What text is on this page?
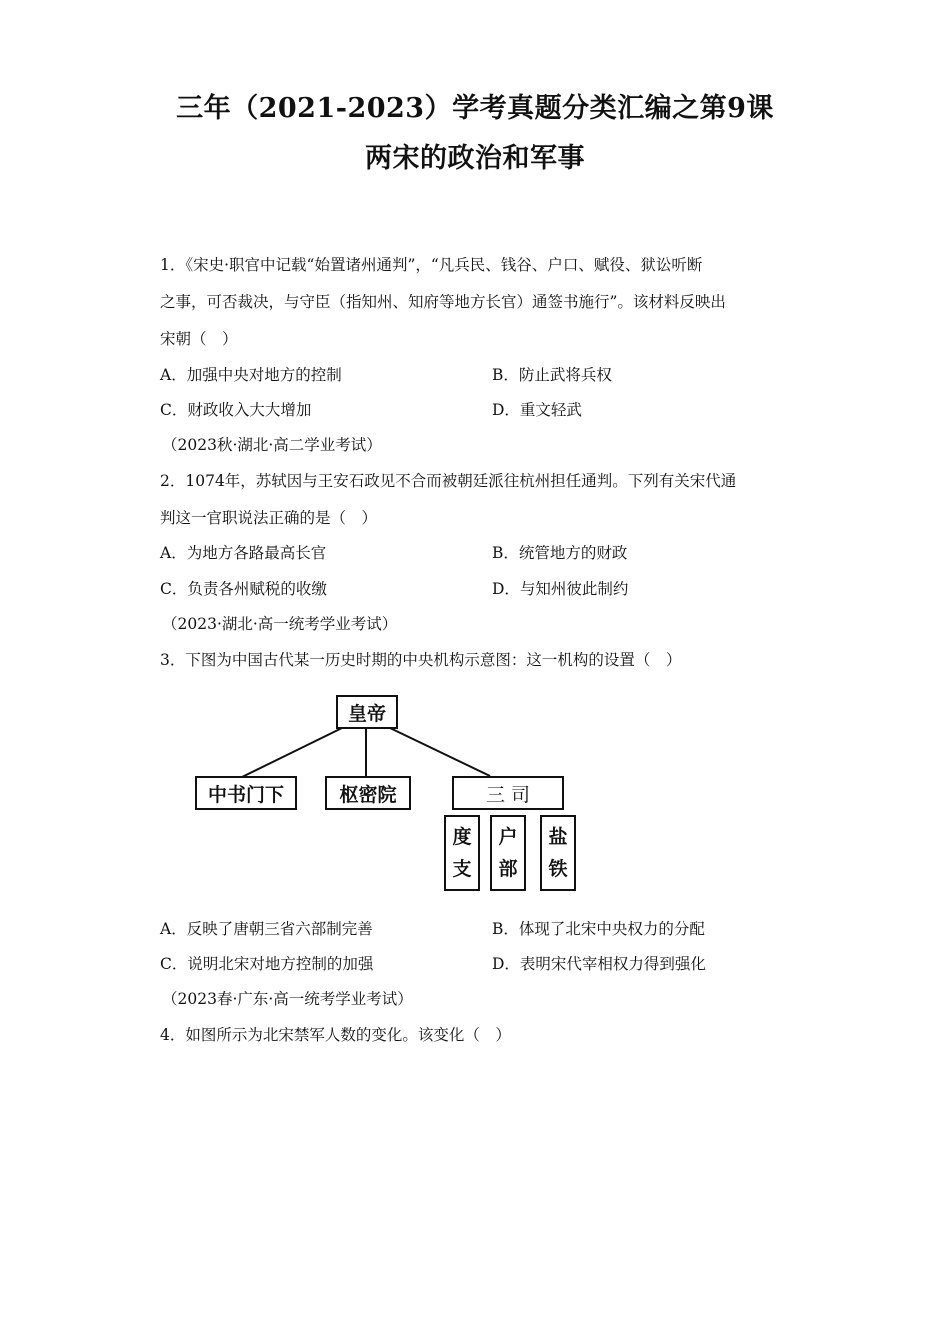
三年（2021-2023）学考真题分类汇编之第9课
两宋的政治和军事
1．《宋史·职官中记载“始置诸州通判”，“凡兵民、钱谷、户口、赋役、狱讼听断
之事，可否裁决，与守臣（指知州、知府等地方长官）通签书施行”。该材料反映出
宋朝（　）
A．加强中央对地方的控制	B．防止武将兵权
C．财政收入大大增加	D．重文轻武
（2023秋·湖北·高二学业考试）
2．1074年，苏轼因与王安石政见不合而被朝廷派往杭州担任通判。下列有关宋代通
判这一官职说法正确的是（　）
A．为地方各路最高长官	B．统管地方的财政
C．负责各州赋税的收缴	D．与知州彼此制约
（2023·湖北·高一统考学业考试）
3．下图为中国古代某一历史时期的中央机构示意图：这一机构的设置（　）
皇帝
中书门下	枢密院	三 司
度
支
户
部
盐
铁
A．反映了唐朝三省六部制完善	B．体现了北宋中央权力的分配
C．说明北宋对地方控制的加强	D．表明宋代宰相权力得到强化
（2023春·广东·高一统考学业考试）
4．如图所示为北宋禁军人数的变化。该变化（　）
